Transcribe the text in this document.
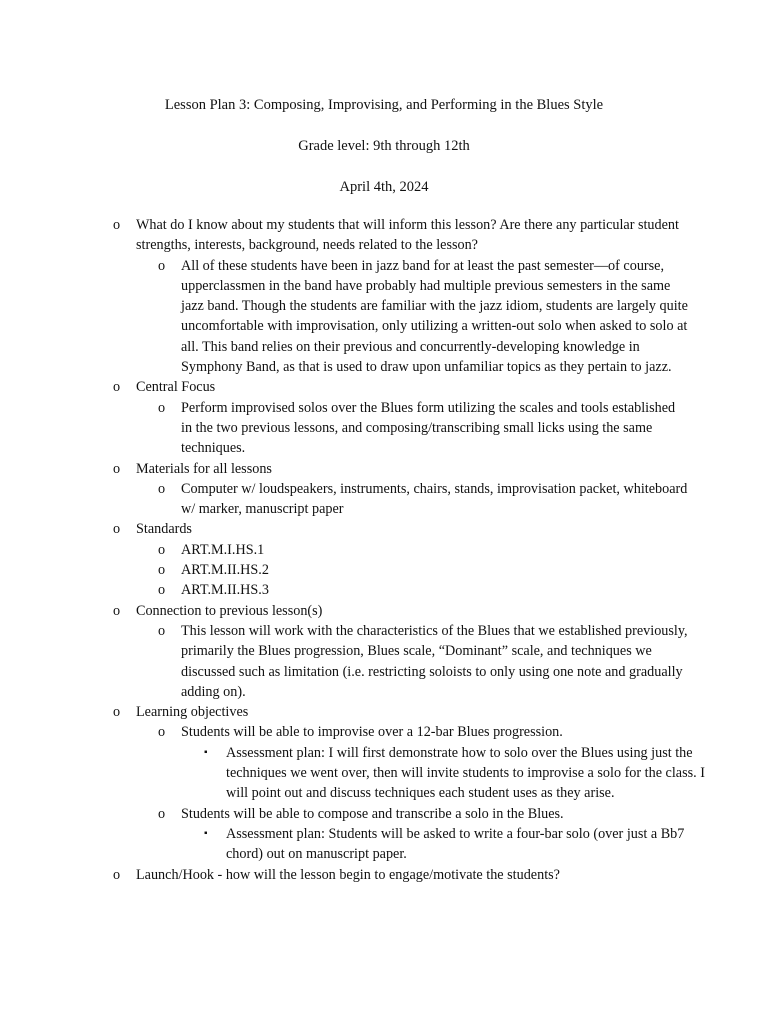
Lesson Plan 3: Composing, Improvising, and Performing in the Blues Style
Grade level: 9th through 12th
April 4th, 2024
o What do I know about my students that will inform this lesson? Are there any particular student strengths, interests, background, needs related to the lesson?
o All of these students have been in jazz band for at least the past semester—of course, upperclassmen in the band have probably had multiple previous semesters in the same jazz band. Though the students are familiar with the jazz idiom, students are largely quite uncomfortable with improvisation, only utilizing a written-out solo when asked to solo at all. This band relies on their previous and concurrently-developing knowledge in Symphony Band, as that is used to draw upon unfamiliar topics as they pertain to jazz.
o Central Focus
o Perform improvised solos over the Blues form utilizing the scales and tools established in the two previous lessons, and composing/transcribing small licks using the same techniques.
o Materials for all lessons
o Computer w/ loudspeakers, instruments, chairs, stands, improvisation packet, whiteboard w/ marker, manuscript paper
o Standards
o ART.M.I.HS.1
o ART.M.II.HS.2
o ART.M.II.HS.3
o Connection to previous lesson(s)
o This lesson will work with the characteristics of the Blues that we established previously, primarily the Blues progression, Blues scale, “Dominant” scale, and techniques we discussed such as limitation (i.e. restricting soloists to only using one note and gradually adding on).
o Learning objectives
o Students will be able to improvise over a 12-bar Blues progression.
▪ Assessment plan: I will first demonstrate how to solo over the Blues using just the techniques we went over, then will invite students to improvise a solo for the class. I will point out and discuss techniques each student uses as they arise.
o Students will be able to compose and transcribe a solo in the Blues.
▪ Assessment plan: Students will be asked to write a four-bar solo (over just a Bb7 chord) out on manuscript paper.
o Launch/Hook - how will the lesson begin to engage/motivate the students?
